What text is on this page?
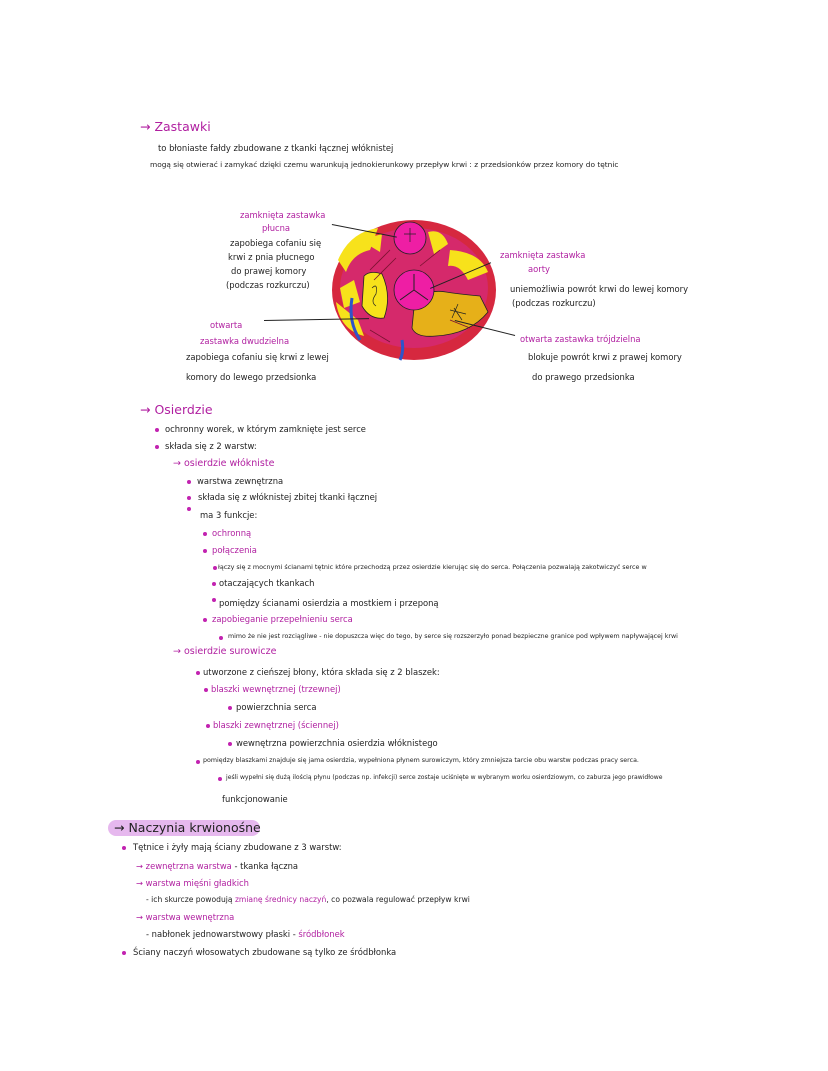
→ Zastawki
to błoniaste fałdy zbudowane z tkanki łącznej włóknistej
mogą się otwierać i zamykać dzięki czemu warunkują jednokierunkowy przepływ krwi : z przedsionków przez komory do tętnic
zamknięta zastawka
płucna
zapobiega cofaniu się
krwi z pnia płucnego
do prawej komory
(podczas rozkurczu)
zamknięta zastawka
aorty
uniemożliwia powrót krwi do lewej komory
(podczas rozkurczu)
otwarta
zastawka dwudzielna
zapobiega cofaniu się krwi z lewej
komory do lewego przedsionka
otwarta zastawka trójdzielna
blokuje powrót krwi z prawej komory
do prawego przedsionka
→ Osierdzie
ochronny worek, w którym zamknięte jest serce
składa się z 2 warstw:
→ osierdzie włókniste
warstwa zewnętrzna
składa się z włóknistej zbitej tkanki łącznej
ma 3 funkcje:
ochronną
połączenia
łączy się z mocnymi ścianami tętnic które przechodzą przez osierdzie kierując się do serca. Połączenia pozwalają zakotwiczyć serce w
otaczających tkankach
pomiędzy ścianami osierdzia a mostkiem i przeponą
zapobieganie przepełnieniu serca
mimo że nie jest rozciągliwe - nie dopuszcza więc do tego, by serce się rozszerzyło ponad bezpieczne granice pod wpływem napływającej krwi
→ osierdzie surowicze
utworzone z cieńszej błony, która składa się z 2 blaszek:
blaszki wewnętrznej (trzewnej)
powierzchnia serca
blaszki zewnętrznej (ściennej)
wewnętrzna powierzchnia osierdzia włóknistego
pomiędzy blaszkami znajduje się jama osierdzia, wypełniona płynem surowiczym, który zmniejsza tarcie obu warstw podczas pracy serca.
jeśli wypełni się dużą ilością płynu (podczas np. infekcji) serce zostaje uciśnięte w wybranym worku osierdziowym, co zaburza jego prawidłowe
funkcjonowanie
→ Naczynia krwionośne
Tętnice i żyły mają ściany zbudowane z 3 warstw:
→ zewnętrzna warstwa - tkanka łączna
→ warstwa mięśni gładkich
- ich skurcze powodują zmianę średnicy naczyń, co pozwala regulować przepływ krwi
→ warstwa wewnętrzna
- nabłonek jednowarstwowy płaski - śródbłonek
Ściany naczyń włosowatych zbudowane są tylko ze śródbłonka
